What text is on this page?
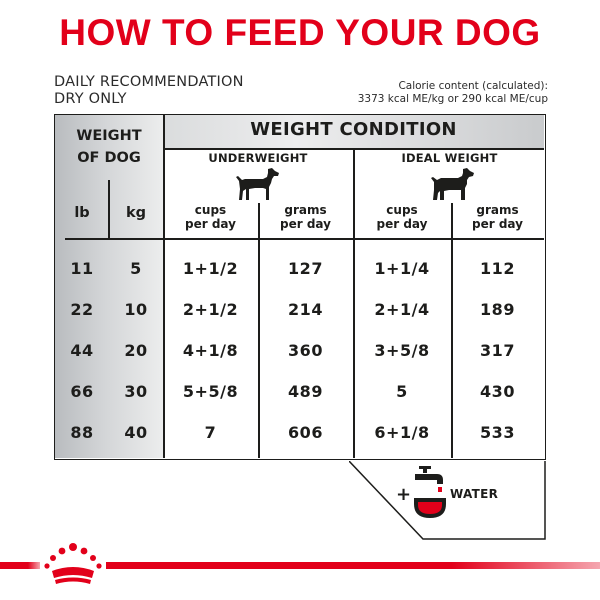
HOW TO FEED YOUR DOG
DAILY RECOMMENDATION
DRY ONLY
Calorie content (calculated):
3373 kcal ME/kg or 290 kcal ME/cup
WEIGHT
OF DOG
WEIGHT CONDITION
UNDERWEIGHT	IDEAL WEIGHT
lb	kg	cups
per day
grams
per day
cups
per day
grams
per day
11	5	1+1/2	127	1+1/4	112
22	10	2+1/2	214	2+1/4	189
44	20	4+1/8	360	3+5/8	317
66	30	5+5/8	489	5	430
88	40	7	606	6+1/8	533
+	WATER
